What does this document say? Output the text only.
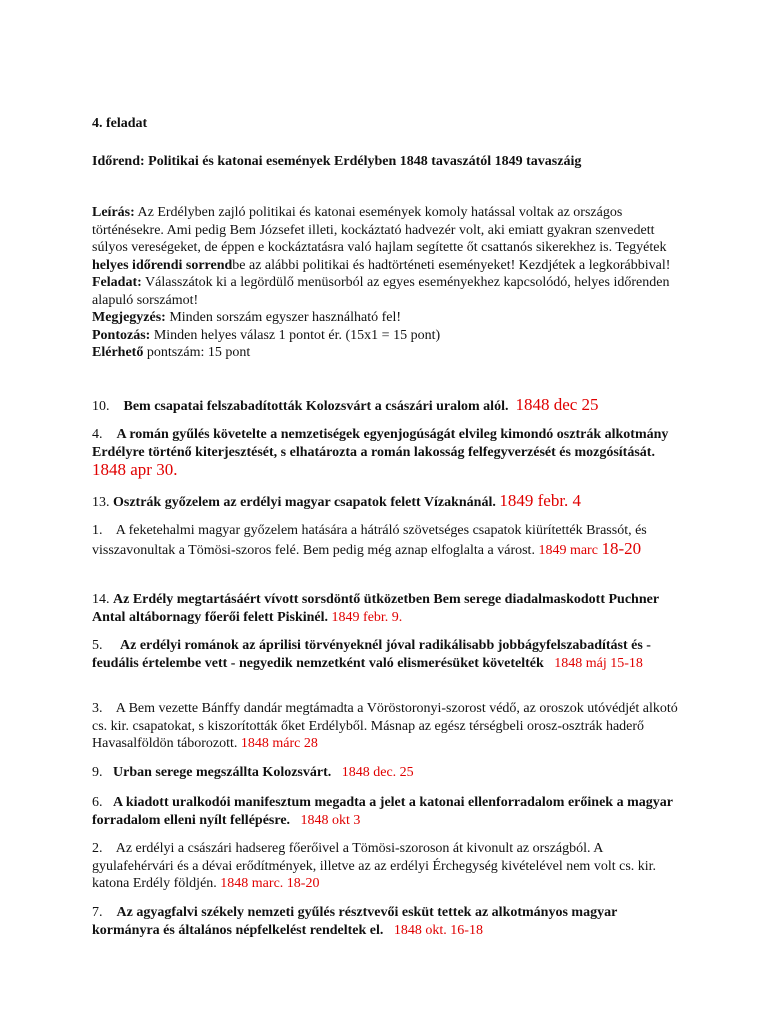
4. feladat
Időrend: Politikai és katonai események Erdélyben 1848 tavaszától 1849 tavaszáig
Leírás: Az Erdélyben zajló politikai és katonai események komoly hatással voltak az országos történésekre. Ami pedig Bem Józsefet illeti, kockáztató hadvezér volt, aki emiatt gyakran szenvedett súlyos vereségeket, de éppen e kockáztatásra való hajlam segítette őt csattanós sikerekhez is. Tegyétek helyes időrendi sorrendbe az alábbi politikai és hadtörténeti eseményeket! Kezdjétek a legkorábbival!
Feladat: Válasszátok ki a legördülő menüsorból az egyes eseményekhez kapcsolódó, helyes időrenden alapuló sorszámot!
Megjegyzés: Minden sorszám egyszer használható fel!
Pontozás: Minden helyes válasz 1 pontot ér. (15x1 = 15 pont)
Elérhető pontszám: 15 pont
10. Bem csapatai felszabadították Kolozsvárt a császári uralom alól. 1848 dec 25
4. A román gyűlés követelte a nemzetiségek egyenjogúságát elvileg kimondó osztrák alkotmány Erdélyre történő kiterjesztését, s elhatározta a román lakosság felfegyverzését és mozgósítását. 1848 apr 30.
13. Osztrák győzelem az erdélyi magyar csapatok felett Vízaknánál. 1849 febr. 4
1. A feketehalmi magyar győzelem hatására a hátráló szövetséges csapatok kiürítették Brassót, és visszavonultak a Tömösi-szoros felé. Bem pedig még aznap elfoglalta a várost. 1849 marc 18-20
14. Az Erdély megtartásáért vívott sorsdöntő ütközetben Bem serege diadalmaskodott Puchner Antal altábornagy főerői felett Piskinél. 1849 febr. 9.
5. Az erdélyi románok az áprilisi törvényeknél jóval radikálisabb jobbágyfelszabadítást és - feudális értelembe vett - negyedik nemzetként való elismerésüket követelték 1848 máj 15-18
3. A Bem vezette Bánffy dandár megtámadta a Vöröstoronyi-szorost védő, az oroszok utóvédjét alkotó cs. kir. csapatokat, s kiszorították őket Erdélyből. Másnap az egész térségbeli orosz-osztrák haderő Havasalföldön táborozott. 1848 márc 28
9. Urban serege megszállta Kolozsvárt. 1848 dec. 25
6. A kiadott uralkodói manifesztum megadta a jelet a katonai ellenforradalom erőinek a magyar forradalom elleni nyílt fellépésre. 1848 okt 3
2. Az erdélyi a császári hadsereg főerőivel a Tömösi-szoroson át kivonult az országból. A gyulafehérvári és a dévai erődítmények, illetve az az erdélyi Érchegység kivételével nem volt cs. kir. katona Erdély földjén. 1848 marc. 18-20
7. Az agyagfalvi székely nemzeti gyűlés résztvevői esküt tettek az alkotmányos magyar kormányra és általános népfelkelést rendeltek el. 1848 okt. 16-18
